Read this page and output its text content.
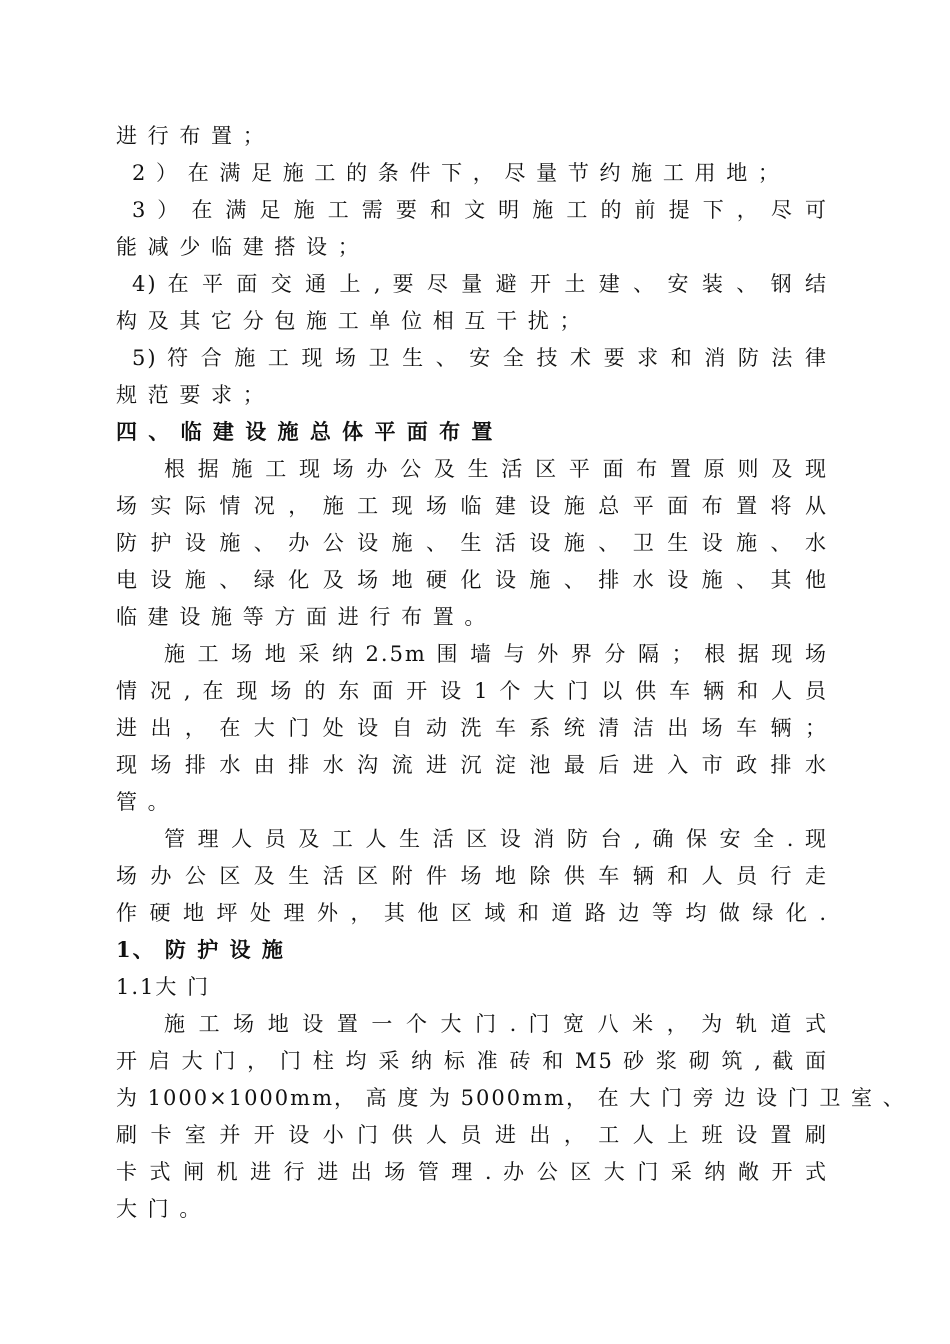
进 行 布 置 ；
2 ） 在 满 足 施 工 的 条 件 下 ， 尽 量 节 约 施 工 用 地 ；
3 ） 在 满 足 施 工 需 要 和 文 明 施 工 的 前 提 下 ， 尽 可
能 减 少 临 建 搭 设 ；
4) 在 平 面 交 通 上 , 要 尽 量 避 开 土 建 、 安 装 、 钢 结
构 及 其 它 分 包 施 工 单 位 相 互 干 扰 ；
5) 符 合 施 工 现 场 卫 生 、 安 全 技 术 要 求 和 消 防 法 律
规 范 要 求 ；
四 、 临 建 设 施 总 体 平 面 布 置
根 据 施 工 现 场 办 公 及 生 活 区 平 面 布 置 原 则 及 现
场 实 际 情 况 ， 施 工 现 场 临 建 设 施 总 平 面 布 置 将 从
防 护 设 施 、 办 公 设 施 、 生 活 设 施 、 卫 生 设 施 、 水
电 设 施 、 绿 化 及 场 地 硬 化 设 施 、 排 水 设 施 、 其 他
临 建 设 施 等 方 面 进 行 布 置 。
施 工 场 地 采 纳 2.5m 围 墙 与 外 界 分 隔 ； 根 据 现 场
情 况 , 在 现 场 的 东 面 开 设 1 个 大 门 以 供 车 辆 和 人 员
进 出 ， 在 大 门 处 设 自 动 洗 车 系 统 清 洁 出 场 车 辆 ；
现 场 排 水 由 排 水 沟 流 进 沉 淀 池 最 后 进 入 市 政 排 水
管 。
管 理 人 员 及 工 人 生 活 区 设 消 防 台 , 确 保 安 全 . 现
场 办 公 区 及 生 活 区 附 件 场 地 除 供 车 辆 和 人 员 行 走
作 硬 地 坪 处 理 外 ， 其 他 区 域 和 道 路 边 等 均 做 绿 化 .
1、 防 护 设 施
1.1大 门
施 工 场 地 设 置 一 个 大 门 . 门 宽 八 米 ， 为 轨 道 式
开 启 大 门 ， 门 柱 均 采 纳 标 准 砖 和 M5 砂 浆 砌 筑 , 截 面
为 1000×1000mm， 高 度 为 5000mm， 在 大 门 旁 边 设 门 卫 室 、
刷 卡 室 并 开 设 小 门 供 人 员 进 出 ， 工 人 上 班 设 置 刷
卡 式 闸 机 进 行 进 出 场 管 理 . 办 公 区 大 门 采 纳 敞 开 式
大 门 。
